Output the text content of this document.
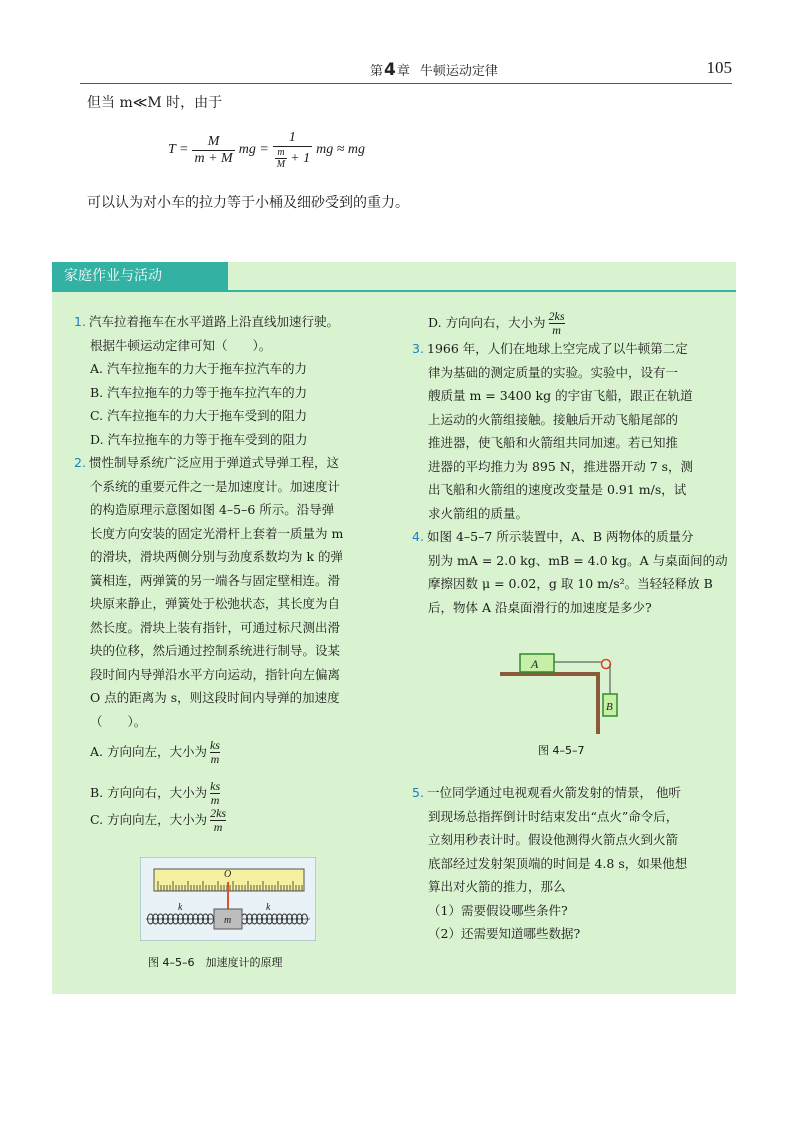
第4章 牛顿运动定律	105
但当 m≪M 时，由于
$T = \frac{M}{m + M}$ mg = $\frac{1}{\frac{m}{M} + 1}$ mg ≈ mg
可以认为对小车的拉力等于小桶及细砂受到的重力。
家庭作业与活动

1. 汽车拉着拖车在水平道路上沿直线加速行驶。

根据牛顿运动定律可知（　　）。

A. 汽车拉拖车的力大于拖车拉汽车的力

B. 汽车拉拖车的力等于拖车拉汽车的力

C. 汽车拉拖车的力大于拖车受到的阻力

D. 汽车拉拖车的力等于拖车受到的阻力

2. 惯性制导系统广泛应用于弹道式导弹工程，这

个系统的重要元件之一是加速度计。加速度计

的构造原理示意图如图 4–5–6 所示。沿导弹

长度方向安装的固定光滑杆上套着一质量为 m

的滑块，滑块两侧分别与劲度系数均为 k 的弹

簧相连，两弹簧的另一端各与固定壁相连。滑

块原来静止，弹簧处于松弛状态，其长度为自

然长度。滑块上装有指针，可通过标尺测出滑

块的位移，然后通过控制系统进行制导。设某

段时间内导弹沿水平方向运动，指针向左偏离

O 点的距离为 s，则这段时间内导弹的加速度

（　　）。

A. 方向向左，大小为 $\frac{ks}{m}$

B. 方向向右，大小为 $\frac{ks}{m}$

C. 方向向左，大小为 $\frac{2ks}{m}$

O
k	k
m
图 4–5–6　加速度计的原理

D. 方向向右，大小为 $\frac{2ks}{m}$

3. 1966 年，人们在地球上空完成了以牛顿第二定

律为基础的测定质量的实验。实验中，设有一

艘质量 m = 3400 kg 的宇宙飞船，跟正在轨道

上运动的火箭组接触。接触后开动飞船尾部的

推进器，使飞船和火箭组共同加速。若已知推

进器的平均推力为 895 N，推进器开动 7 s，测

出飞船和火箭组的速度改变量是 0.91 m/s，试

求火箭组的质量。

4. 如图 4–5–7 所示装置中，A、B 两物体的质量分

别为 mA = 2.0 kg、mB = 4.0 kg。A 与桌面间的动

摩擦因数 μ = 0.02，g 取 10 m/s²。当轻轻释放 B

后，物体 A 沿桌面滑行的加速度是多少?

A
B
图 4–5–7

5. 一位同学通过电视观看火箭发射的情景， 他听

到现场总指挥倒计时结束发出“点火”命令后，

立刻用秒表计时。假设他测得火箭点火到火箭

底部经过发射架顶端的时间是 4.8 s，如果他想

算出对火箭的推力，那么

（1）需要假设哪些条件?

（2）还需要知道哪些数据?
